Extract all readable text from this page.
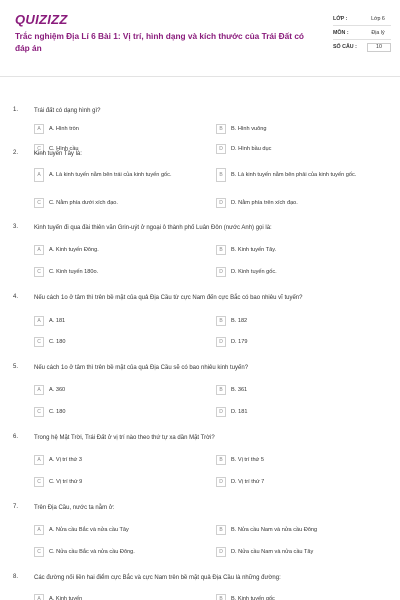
QUIZIZZ
Trắc nghiệm Địa Lí 6 Bài 1: Vị trí, hình dạng và kích thước của Trái Đất có đáp án
LỚP :	Lớp 6
MÔN :	Địa lý
SỐ CÂU :	10
1.	Trái đất có dạng hình gì?
A	A. Hình tròn	B	B. Hình vuông
C	C. Hình cầu	D	D. Hình bầu dục
2.	Kinh tuyến Tây là:
A	A. Là kinh tuyến nằm bên trái của kinh tuyến gốc.	B	B. Là kinh tuyến nằm bên phải của kinh tuyến gốc.
C	C. Nằm phía dưới xích đạo.	D	D. Nằm phía trên xích đạo.
3.	Kinh tuyến đi qua đài thiên văn Grin-uýt ở ngoại ô thành phố Luân Đôn (nước Anh) gọi là:
A	A. Kinh tuyến Đông.	B	B. Kinh tuyến Tây.
C	C. Kinh tuyến 180o.	D	D. Kinh tuyến gốc.
4.	Nếu cách 1o ở tâm thì trên bề mặt của quả Địa Cầu từ cực Nam đến cực Bắc có bao nhiêu vĩ tuyến?
A	A. 181	B	B. 182
C	C. 180	D	D. 179
5.	Nếu cách 1o ở tâm thì trên bề mặt của quả Địa Cầu sẽ có bao nhiêu kinh tuyến?
A	A. 360	B	B. 361
C	C. 180	D	D. 181
6.	Trong hệ Mặt Trời, Trái Đất ở vị trí nào theo thứ tự xa dần Mặt Trời?
A	A. Vị trí thứ 3	B	B. Vị trí thứ 5
C	C. Vị trí thứ 9	D	D. Vị trí thứ 7
7.	Trên Địa Cầu, nước ta nằm ở:
A	A. Nửa cầu Bắc và nửa cầu Tây	B	B. Nửa cầu Nam và nửa cầu Đông
C	C. Nửa cầu Bắc và nửa cầu Đông.	D	D. Nửa cầu Nam và nửa cầu Tây
8.	Các đường nối liền hai điểm cực Bắc và cực Nam trên bề mặt quả Địa Cầu là những đường:
A	A. Kinh tuyến	B	B. Kinh tuyến gốc
